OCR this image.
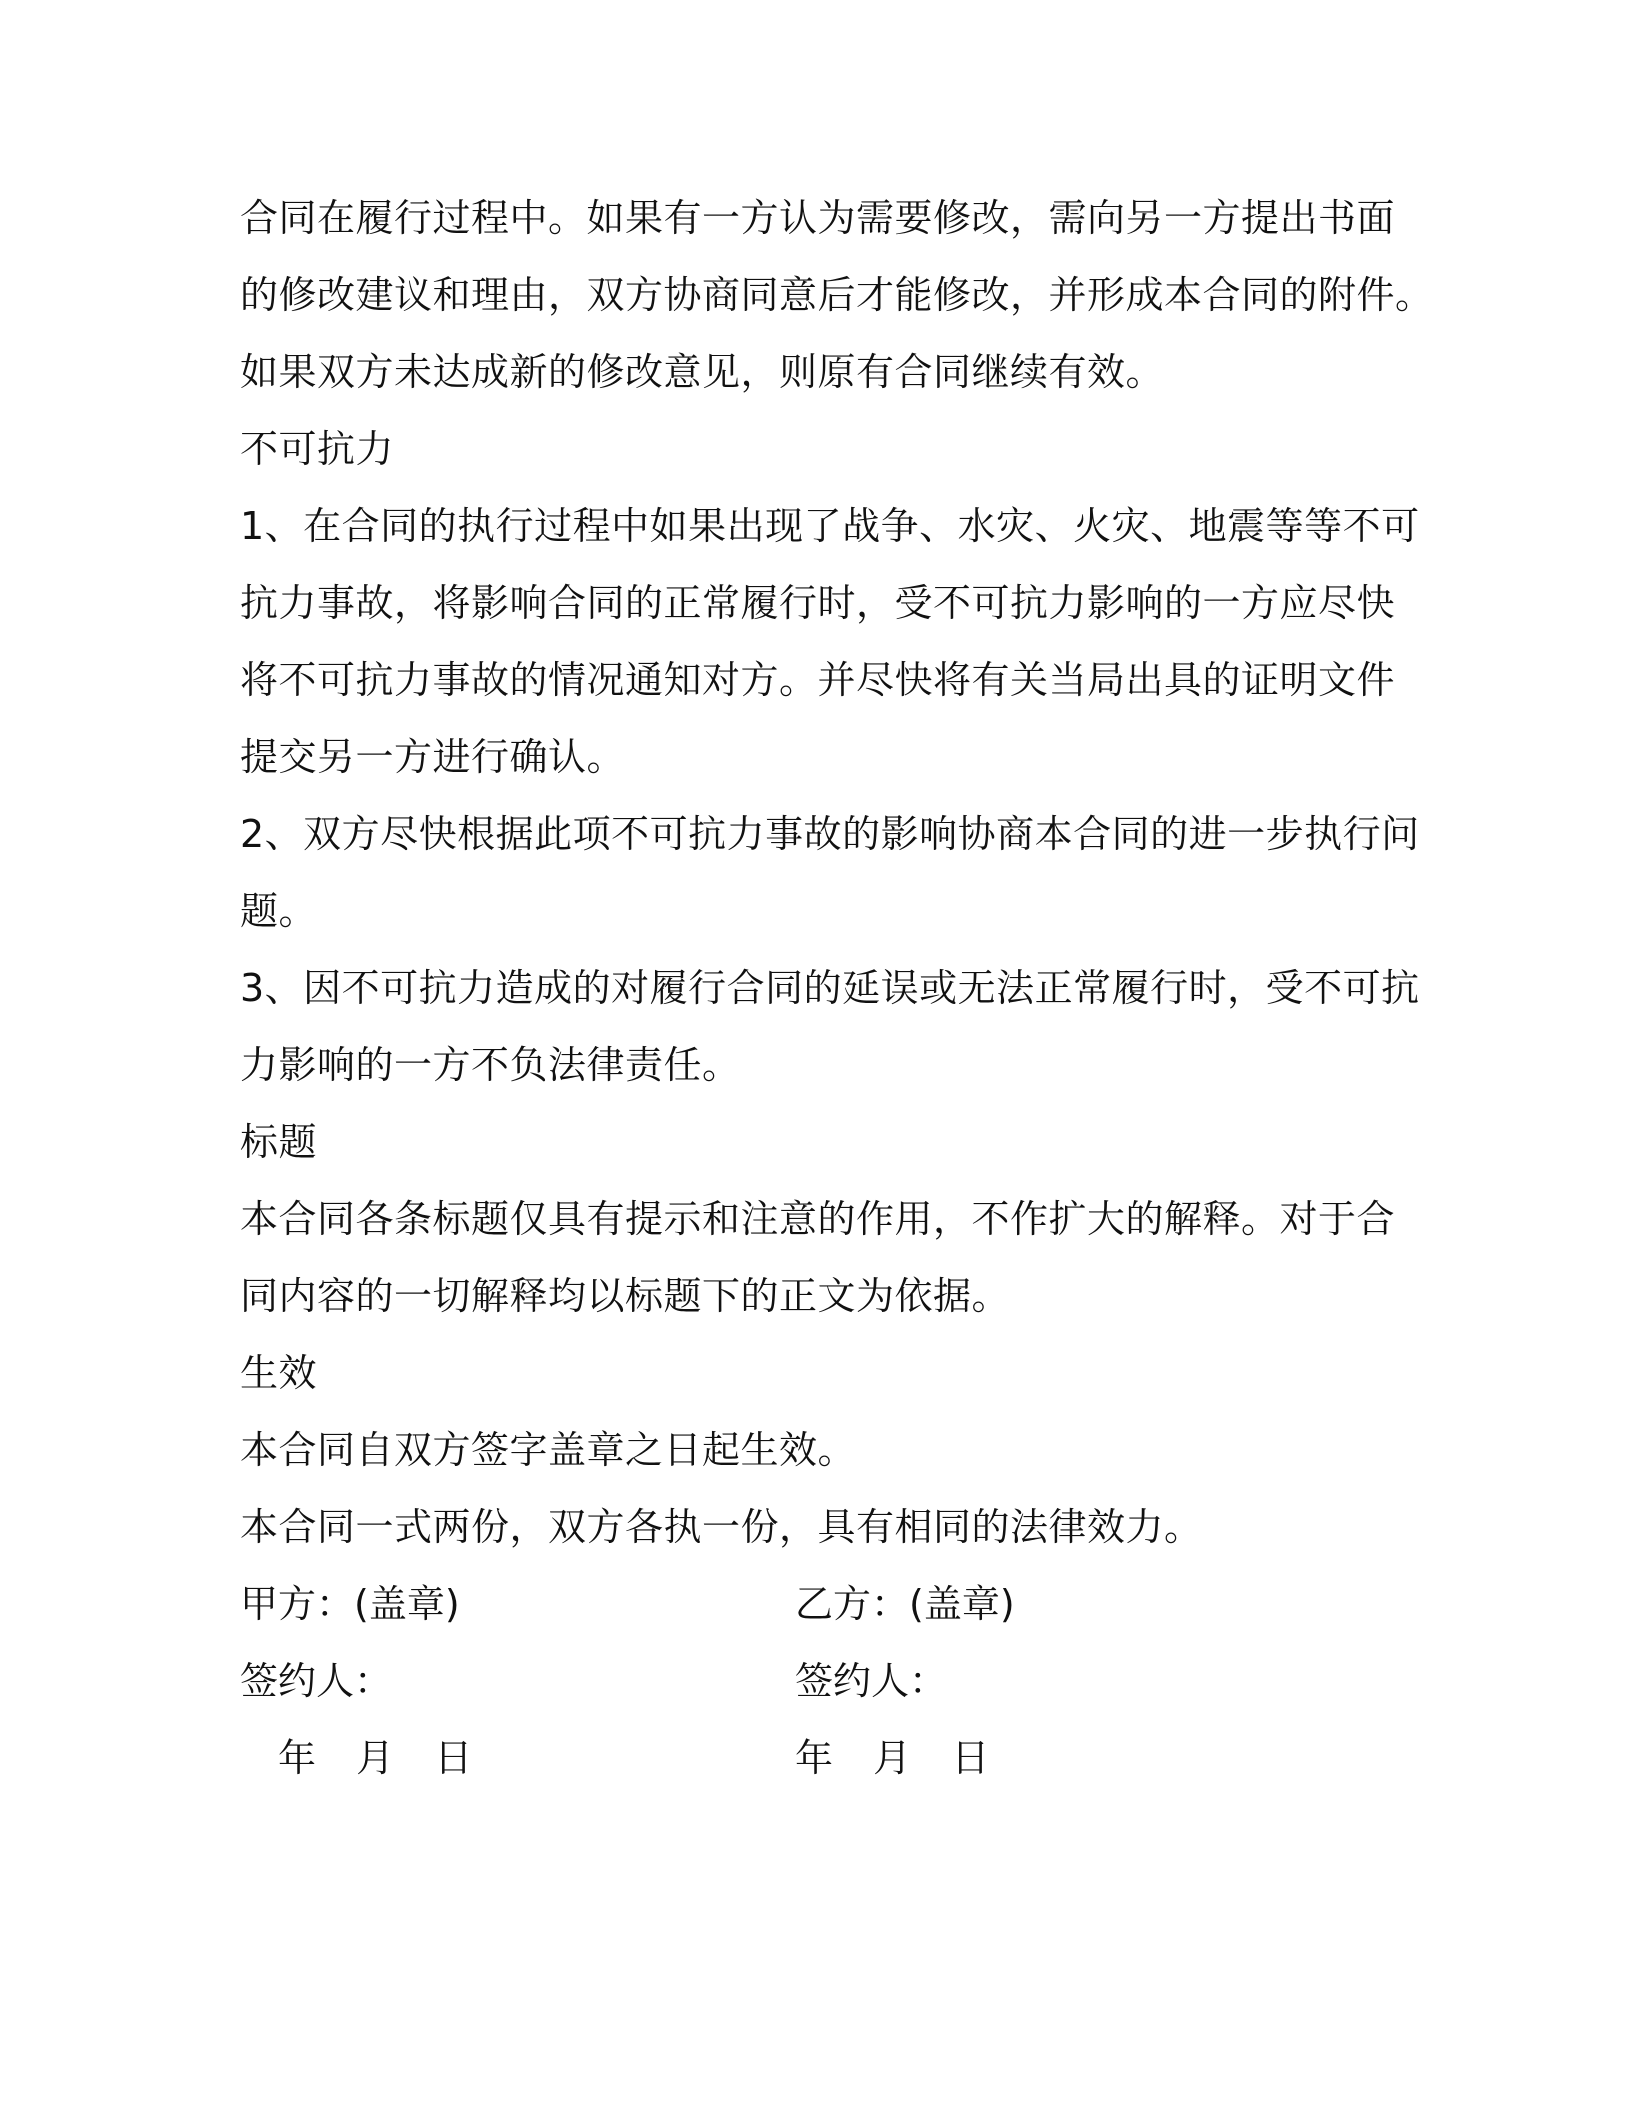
合同在履行过程中。如果有一方认为需要修改，需向另一方提出书面
的修改建议和理由，双方协商同意后才能修改，并形成本合同的附件。
如果双方未达成新的修改意见，则原有合同继续有效。
不可抗力
1、在合同的执行过程中如果出现了战争、水灾、火灾、地震等等不可
抗力事故，将影响合同的正常履行时，受不可抗力影响的一方应尽快
将不可抗力事故的情况通知对方。并尽快将有关当局出具的证明文件
提交另一方进行确认。
2、双方尽快根据此项不可抗力事故的影响协商本合同的进一步执行问
题。
3、因不可抗力造成的对履行合同的延误或无法正常履行时，受不可抗
力影响的一方不负法律责任。
标题
本合同各条标题仅具有提示和注意的作用，不作扩大的解释。对于合
同内容的一切解释均以标题下的正文为依据。
生效
本合同自双方签字盖章之日起生效。
本合同一式两份，双方各执一份，具有相同的法律效力。
甲方：(盖章)	乙方：(盖章)
签约人：	签约人：
年  月  日	年  月  日
